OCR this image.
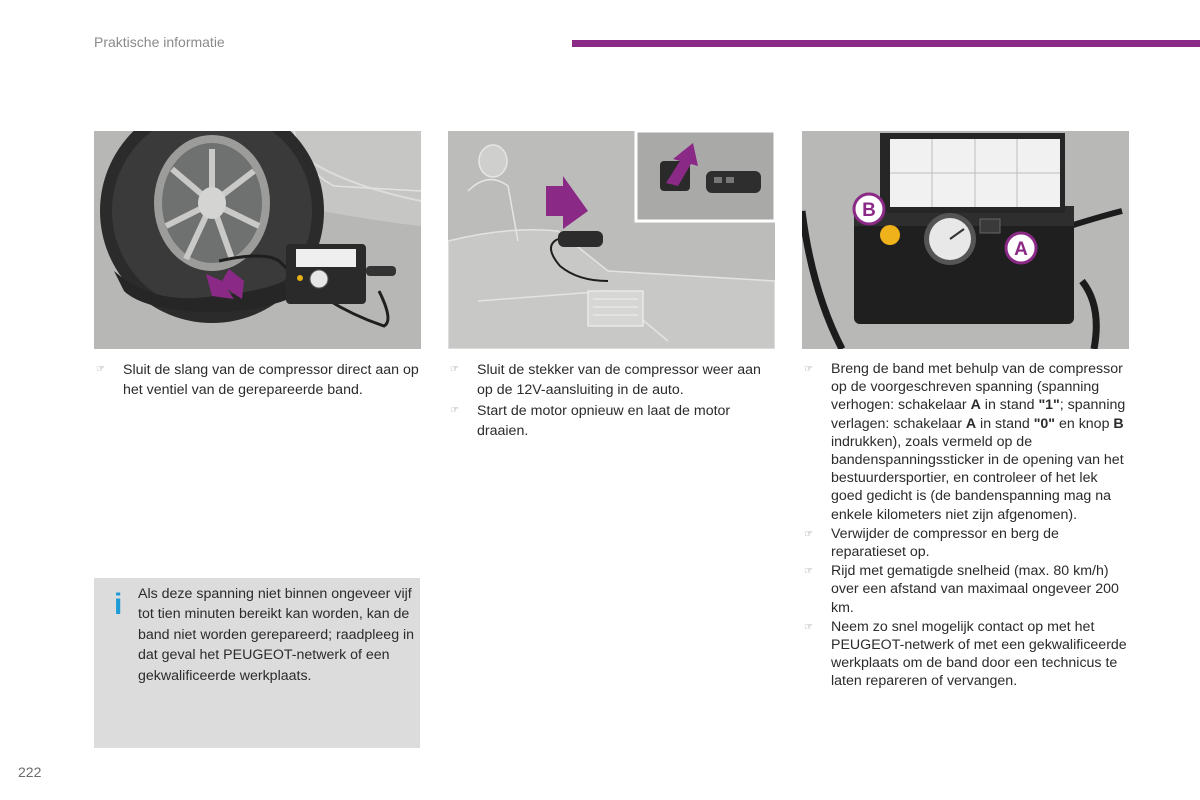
Praktische informatie
B
A
☞ Sluit de slang van de compressor direct aan op het ventiel van de gerepareerde band.
☞ Sluit de stekker van de compressor weer aan op de 12V-aansluiting in de auto.
☞ Start de motor opnieuw en laat de motor draaien.
☞ Breng de band met behulp van de compressor op de voorgeschreven spanning (spanning verhogen: schakelaar A in stand "1"; spanning verlagen: schakelaar A in stand "0" en knop B indrukken), zoals vermeld op de bandenspanningssticker in de opening van het bestuurdersportier, en controleer of het lek goed gedicht is (de bandenspanning mag na enkele kilometers niet zijn afgenomen).
☞ Verwijder de compressor en berg de reparatieset op.
☞ Rijd met gematigde snelheid (max. 80 km/h) over een afstand van maximaal ongeveer 200 km.
☞ Neem zo snel mogelijk contact op met het PEUGEOT-netwerk of met een gekwalificeerde werkplaats om de band door een technicus te laten repareren of vervangen.
i Als deze spanning niet binnen ongeveer vijf tot tien minuten bereikt kan worden, kan de band niet worden gerepareerd; raadpleeg in dat geval het PEUGEOT-netwerk of een gekwalificeerde werkplaats.
222
